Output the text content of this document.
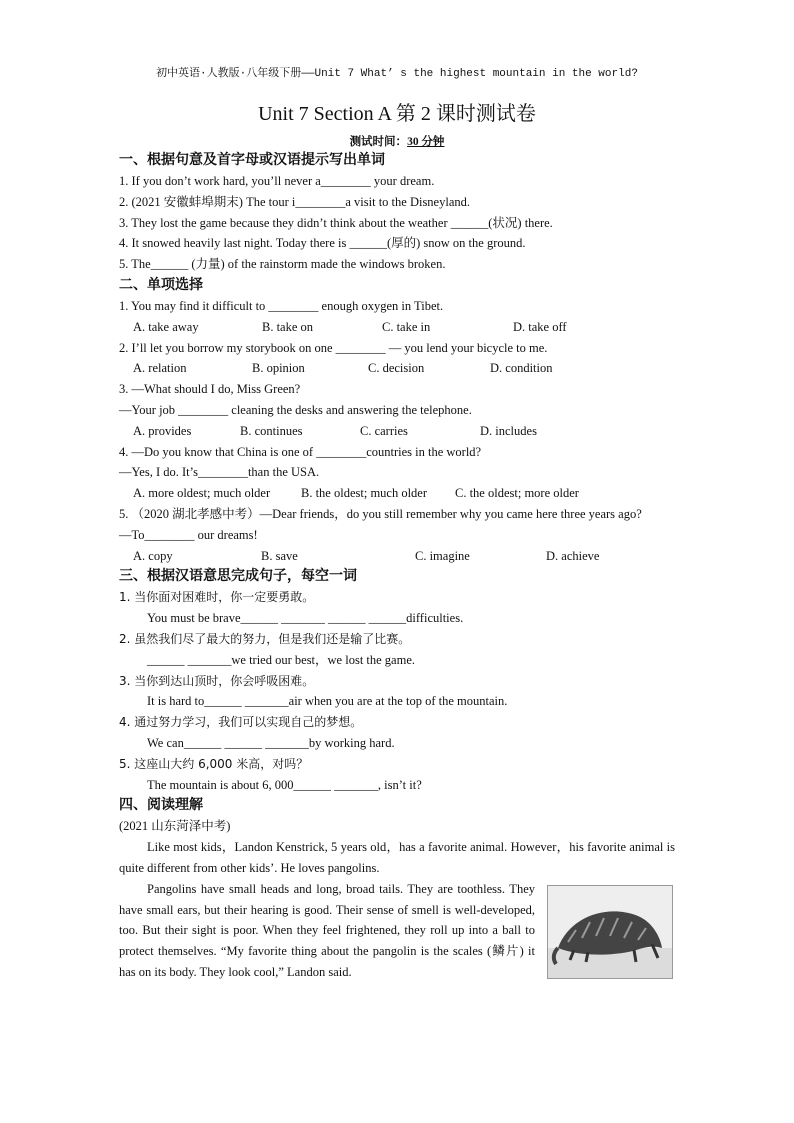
初中英语·人教版·八年级下册——Unit 7 What’ s the highest mountain in the world?
Unit 7 Section A 第 2 课时测试卷
测试时间：30 分钟
一、根据句意及首字母或汉语提示写出单词
1. If you don’t work hard, you’ll never a________ your dream.
2. (2021 安徽蚌埠期末) The tour i________a visit to the Disneyland.
3. They lost the game because they didn’t think about the weather ______(状况) there.
4. It snowed heavily last night. Today there is ______(厚的) snow on the ground.
5. The______ (力量) of the rainstorm made the windows broken.
二、单项选择
1. You may find it difficult to ________ enough oxygen in Tibet.
A. take away	B. take on	C. take in	D. take off
2. I’ll let you borrow my storybook on one ________ — you lend your bicycle to me.
A. relation	B. opinion	C. decision	D. condition
3. —What should I do, Miss Green?
—Your job ________ cleaning the desks and answering the telephone.
A. provides	B. continues	C. carries	D. includes
4. —Do you know that China is one of ________countries in the world?
—Yes, I do. It’s________than the USA.
A. more oldest; much older	B. the oldest; much older	C. the oldest; more older
5. （2020 湖北孝感中考）—Dear friends，do you still remember why you came here three years ago?
—To________ our dreams!
A. copy	B. save	C. imagine	D. achieve
三、根据汉语意思完成句子，每空一词
1. 当你面对困难时，你一定要勇敢。
You must be brave______ _______ ______ ______difficulties.
2. 虽然我们尽了最大的努力，但是我们还是输了比赛。
______ _______we tried our best，we lost the game.
3. 当你到达山顶时，你会呼吸困难。
It is hard to______ _______air when you are at the top of the mountain.
4. 通过努力学习，我们可以实现自己的梦想。
We can______ ______ _______by working hard.
5. 这座山大约 6,000 米高，对吗？
The mountain is about 6, 000______ _______, isn’t it?
四、阅读理解
(2021 山东菏泽中考)
Like most kids，Landon Kenstrick, 5 years old，has a favorite animal. However，his favorite animal is quite different from other kids’. He loves pangolins.
Pangolins have small heads and long, broad tails. They are toothless. They have small ears, but their hearing is good. Their sense of smell is well-developed, too. But their sight is poor. When they feel frightened, they roll up into a ball to protect themselves. “My favorite thing about the pangolin is the scales (鳞片) it has on its body. They look cool,” Landon said.
